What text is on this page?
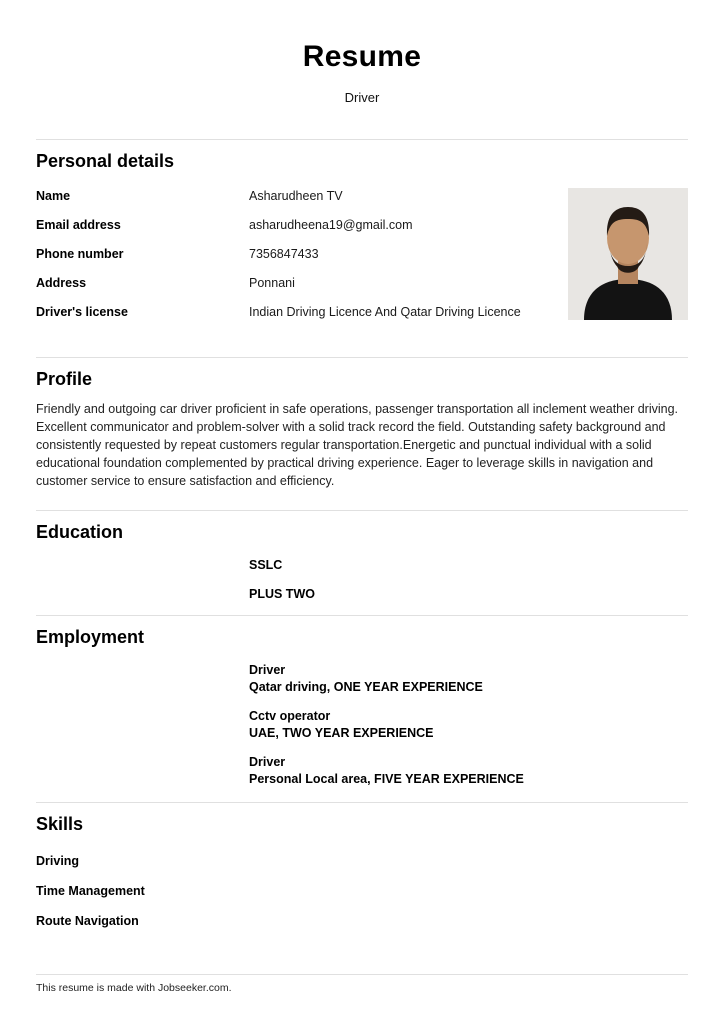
Resume
Driver
Personal details
Name	Asharudheen TV
Email address	asharudheena19@gmail.com
Phone number	7356847433
Address	Ponnani
Driver's license	Indian Driving Licence And Qatar Driving Licence
Profile

Friendly and outgoing car driver proficient in safe operations, passenger transportation all inclement weather driving. Excellent communicator and problem-solver with a solid track record the field. Outstanding safety background and consistently requested by repeat customers regular transportation.Energetic and punctual individual with a solid educational foundation complemented by practical driving experience. Eager to leverage skills in navigation and customer service to ensure satisfaction and efficiency.

Education
SSLC
PLUS TWO
Employment
Driver
Qatar driving, ONE YEAR EXPERIENCE
Cctv operator
UAE, TWO YEAR EXPERIENCE
Driver
Personal Local area, FIVE YEAR EXPERIENCE
Skills
Driving
Time Management
Route Navigation
This resume is made with Jobseeker.com.
